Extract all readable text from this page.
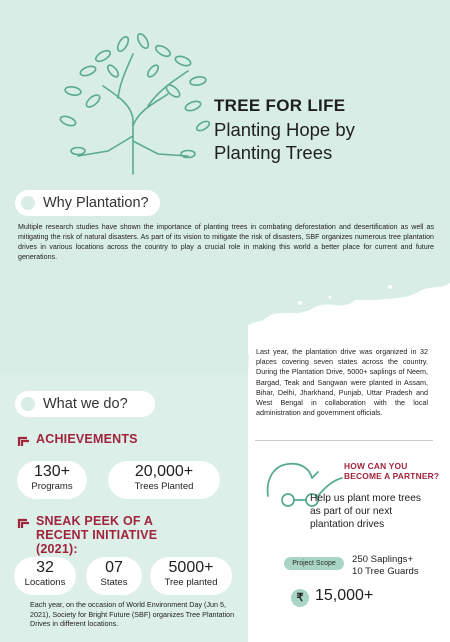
TREE FOR LIFE
Planting Hope by Planting Trees
Why Plantation?
Multiple research studies have shown the importance of planting trees in combating deforestation and desertification as well as mitigating the risk of natural disasters. As part of its vision to mitigate the risk of disasters, SBF organizes numerous tree plantation drives in various locations across the country to play a crucial role in making this world a better place for current and future generations.
Last year, the plantation drive was organized in 32 places covering seven states across the country. During the Plantation Drive, 5000+ saplings of Neem, Bargad, Teak and Sangwan were planted in Assam, Bihar, Delhi, Jharkhand, Punjab, Uttar Pradesh and West Bengal in collaboration with the local administration and government officials.
What we do?
ACHIEVEMENTS
130+
Programs
20,000+
Trees Planted
SNEAK PEEK OF A RECENT INITIATIVE (2021):
32
Locations
07
States
5000+
Tree planted
Each year, on the occasion of World Environment Day (Jun 5, 2021), Society for Bright Future (SBF) organizes Tree Plantation Drives in different locations.
HOW CAN YOU
BECOME A PARTNER?
Help us plant more trees as part of our next plantation drives
Project Scope	250 Saplings+
10 Tree Guards
₹ 15,000+
